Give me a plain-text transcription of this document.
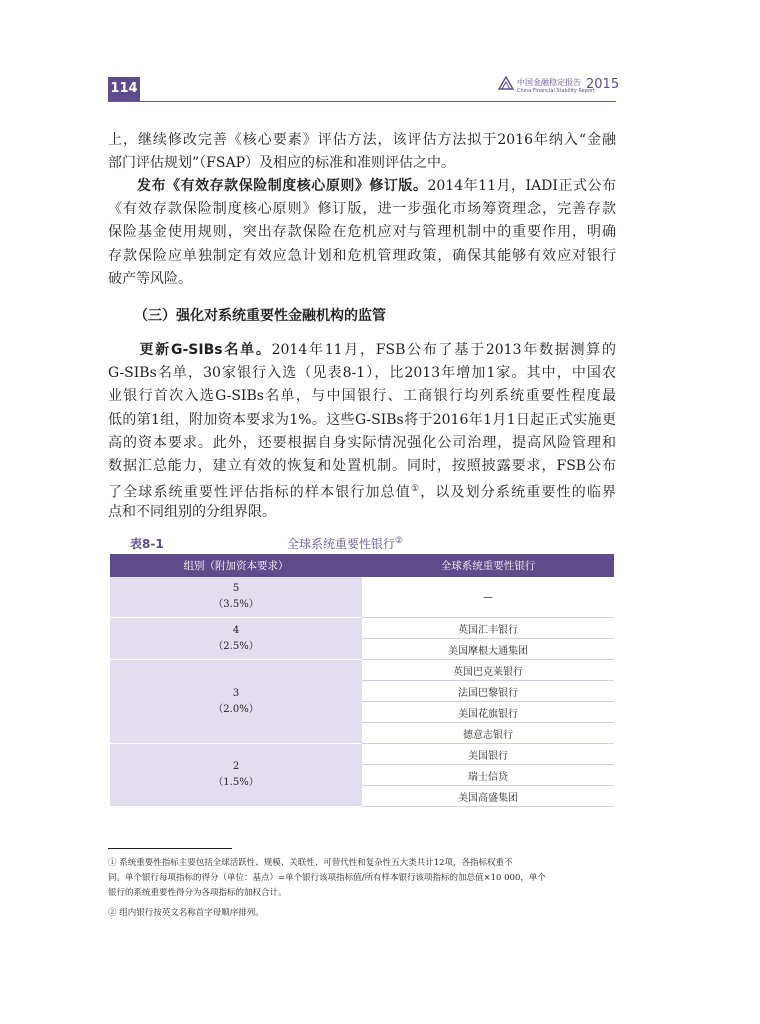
114	中国金融稳定报告
China Financial Stability Report
2015
上，继续修改完善《核心要素》评估方法，该评估方法拟于2016年纳入“金融
部门评估规划”（FSAP）及相应的标准和准则评估之中。
　　发布《有效存款保险制度核心原则》修订版。2014年11月，IADI正式公布
《有效存款保险制度核心原则》修订版，进一步强化市场筹资理念，完善存款
保险基金使用规则，突出存款保险在危机应对与管理机制中的重要作用，明确
存款保险应单独制定有效应急计划和危机管理政策，确保其能够有效应对银行
破产等风险。
（三）强化对系统重要性金融机构的监管
　　更新G-SIBs名单。2014年11月，FSB公布了基于2013年数据测算的
G-SIBs名单，30家银行入选（见表8-1），比2013年增加1家。其中，中国农
业银行首次入选G-SIBs名单，与中国银行、工商银行均列系统重要性程度最
低的第1组，附加资本要求为1%。这些G-SIBs将于2016年1月1日起正式实施更
高的资本要求。此外，还要根据自身实际情况强化公司治理，提高风险管理和
数据汇总能力，建立有效的恢复和处置机制。同时，按照披露要求，FSB公布
了全球系统重要性评估指标的样本银行加总值①，以及划分系统重要性的临界
点和不同组别的分组界限。
表8-1	全球系统重要性银行②
组别（附加资本要求）	全球系统重要性银行

5
（3.5%）	—

4
（2.5%）	英国汇丰银行
	美国摩根大通集团

3
（2.0%）	英国巴克莱银行
	法国巴黎银行
	美国花旗银行
	德意志银行

2
（1.5%）	美国银行
	瑞士信贷
	美国高盛集团
① 系统重要性指标主要包括全球活跃性、规模、关联性、可替代性和复杂性五大类共计12项，各指标权重不
同。单个银行每项指标的得分（单位：基点）=单个银行该项指标值/所有样本银行该项指标的加总值×10 000，单个
银行的系统重要性得分为各项指标的加权合计。
② 组内银行按英文名称首字母顺序排列。
